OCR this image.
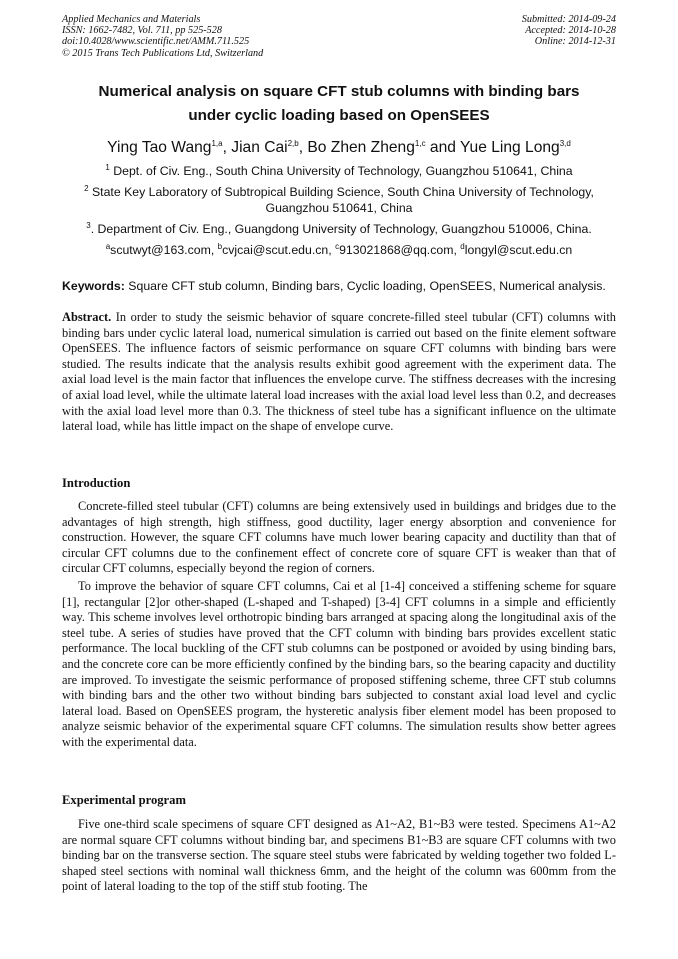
Applied Mechanics and Materials
ISSN: 1662-7482, Vol. 711, pp 525-528
doi:10.4028/www.scientific.net/AMM.711.525
© 2015 Trans Tech Publications Ltd, Switzerland
Submitted: 2014-09-24
Accepted: 2014-10-28
Online: 2014-12-31
Numerical analysis on square CFT stub columns with binding bars
under cyclic loading based on OpenSEES
Ying Tao Wang$^{1,a}$, Jian Cai$^{2,b}$, Bo Zhen Zheng$^{1,c}$ and Yue Ling Long$^{3,d}$
$^1$ Dept. of Civ. Eng., South China University of Technology, Guangzhou 510641, China
$^2$ State Key Laboratory of Subtropical Building Science, South China University of Technology, Guangzhou 510641, China
$^3$. Department of Civ. Eng., Guangdong University of Technology, Guangzhou 510006, China.
$^a$scutwyt@163.com, $^b$cvjcai@scut.edu.cn, $^c$913021868@qq.com, $^d$longyl@scut.edu.cn
Keywords: Square CFT stub column, Binding bars, Cyclic loading, OpenSEES, Numerical analysis.

Abstract. In order to study the seismic behavior of square concrete-filled steel tubular (CFT) columns with binding bars under cyclic lateral load, numerical simulation is carried out based on the finite element software OpenSEES. The influence factors of seismic performance on square CFT columns with binding bars were studied. The results indicate that the analysis results exhibit good agreement with the experiment data. The axial load level is the main factor that influences the envelope curve. The stiffness decreases with the incresing of axial load level, while the ultimate lateral load increases with the axial load level less than 0.2, and decreases with the axial load level more than 0.3. The thickness of steel tube has a significant influence on the ultimate lateral load, while has little impact on the shape of envelope curve.

Introduction

Concrete-filled steel tubular (CFT) columns are being extensively used in buildings and bridges due to the advantages of high strength, high stiffness, good ductility, lager energy absorption and convenience for construction. However, the square CFT columns have much lower bearing capacity and ductility than that of circular CFT columns due to the confinement effect of concrete core of square CFT is weaker than that of circular CFT columns, especially beyond the region of corners.

To improve the behavior of square CFT columns, Cai et al [1-4] conceived a stiffening scheme for square [1], rectangular [2]or other-shaped (L-shaped and T-shaped) [3-4] CFT columns in a simple and efficiently way. This scheme involves level orthotropic binding bars arranged at spacing along the longitudinal axis of the steel tube. A series of studies have proved that the CFT column with binding bars provides excellent static performance. The local buckling of the CFT stub columns can be postponed or avoided by using binding bars, and the concrete core can be more efficiently confined by the binding bars, so the bearing capacity and ductility are improved. To investigate the seismic performance of proposed stiffening scheme, three CFT stub columns with binding bars and the other two without binding bars subjected to constant axial load level and cyclic lateral load. Based on OpenSEES program, the hysteretic analysis fiber element model has been proposed to analyze seismic behavior of the experimental square CFT columns. The simulation results show better agrees with the experimental data.

Experimental program

Five one-third scale specimens of square CFT designed as A1~A2, B1~B3 were tested. Specimens A1~A2 are normal square CFT columns without binding bar, and specimens B1~B3 are square CFT columns with two binding bar on the transverse section. The square steel stubs were fabricated by welding together two folded L-shaped steel sections with nominal wall thickness 6mm, and the height of the column was 600mm from the point of lateral loading to the top of the stiff stub footing. The
